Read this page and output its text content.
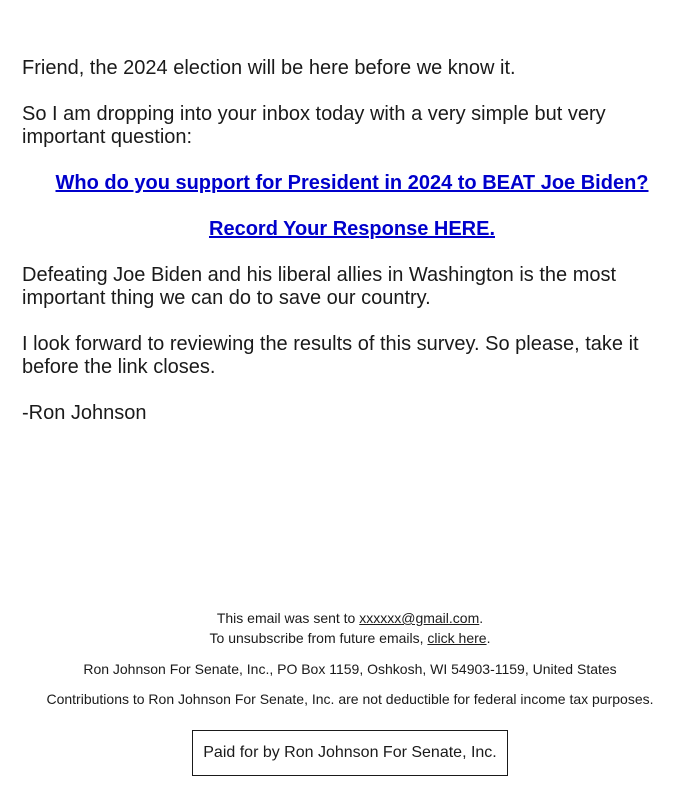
Friend, the 2024 election will be here before we know it.

So I am dropping into your inbox today with a very simple but very important question:

Who do you support for President in 2024 to BEAT Joe Biden?

Record Your Response HERE.

Defeating Joe Biden and his liberal allies in Washington is the most important thing we can do to save our country.

I look forward to reviewing the results of this survey. So please, take it before the link closes.

-Ron Johnson

This email was sent to xxxxxx@gmail.com.
To unsubscribe from future emails, click here.
Ron Johnson For Senate, Inc., PO Box 1159, Oshkosh, WI 54903-1159, United States
Contributions to Ron Johnson For Senate, Inc. are not deductible for federal income tax purposes.
Paid for by Ron Johnson For Senate, Inc.
